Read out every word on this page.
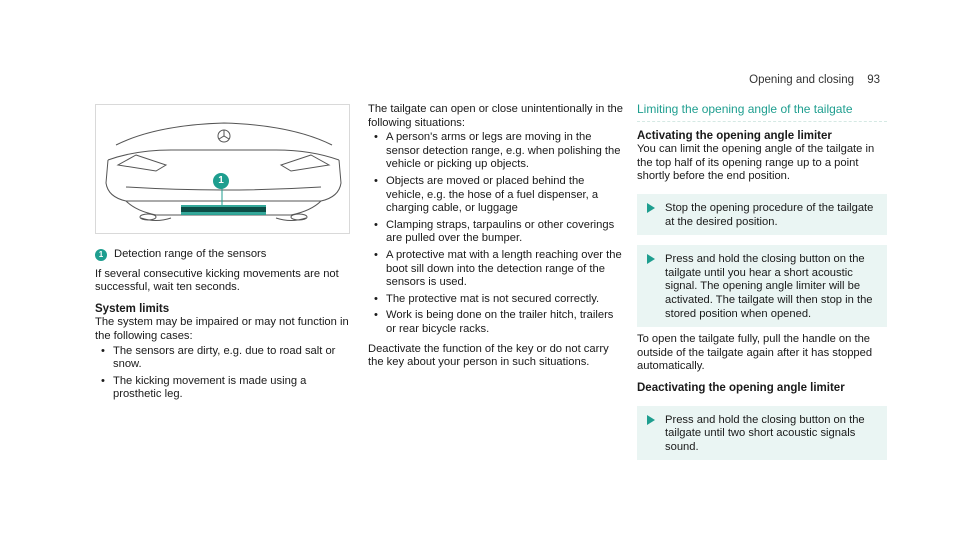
Opening and closing 93
1
1 Detection range of the sensors

If several consecutive kicking movements are not successful, wait ten seconds.

System limits

The system may be impaired or may not function in the following cases:

• The sensors are dirty, e.g. due to road salt or snow.
• The kicking movement is made using a prosthetic leg.

The tailgate can open or close unintentionally in the following situations:

• A person's arms or legs are moving in the sensor detection range, e.g. when polishing the vehicle or picking up objects.
• Objects are moved or placed behind the vehicle, e.g. the hose of a fuel dispenser, a charging cable, or luggage
• Clamping straps, tarpaulins or other coverings are pulled over the bumper.
• A protective mat with a length reaching over the boot sill down into the detection range of the sensors is used.
• The protective mat is not secured correctly.
• Work is being done on the trailer hitch, trailers or rear bicycle racks.

Deactivate the function of the key or do not carry the key about your person in such situations.

Limiting the opening angle of the tailgate

Activating the opening angle limiter

You can limit the opening angle of the tailgate in the top half of its opening range up to a point shortly before the end position.

Stop the opening procedure of the tailgate at the desired position.
Press and hold the closing button on the tailgate until you hear a short acoustic signal. The opening angle limiter will be activated. The tailgate will then stop in the stored position when opened.

To open the tailgate fully, pull the handle on the outside of the tailgate again after it has stopped automatically.

Deactivating the opening angle limiter

Press and hold the closing button on the tailgate until two short acoustic signals sound.
